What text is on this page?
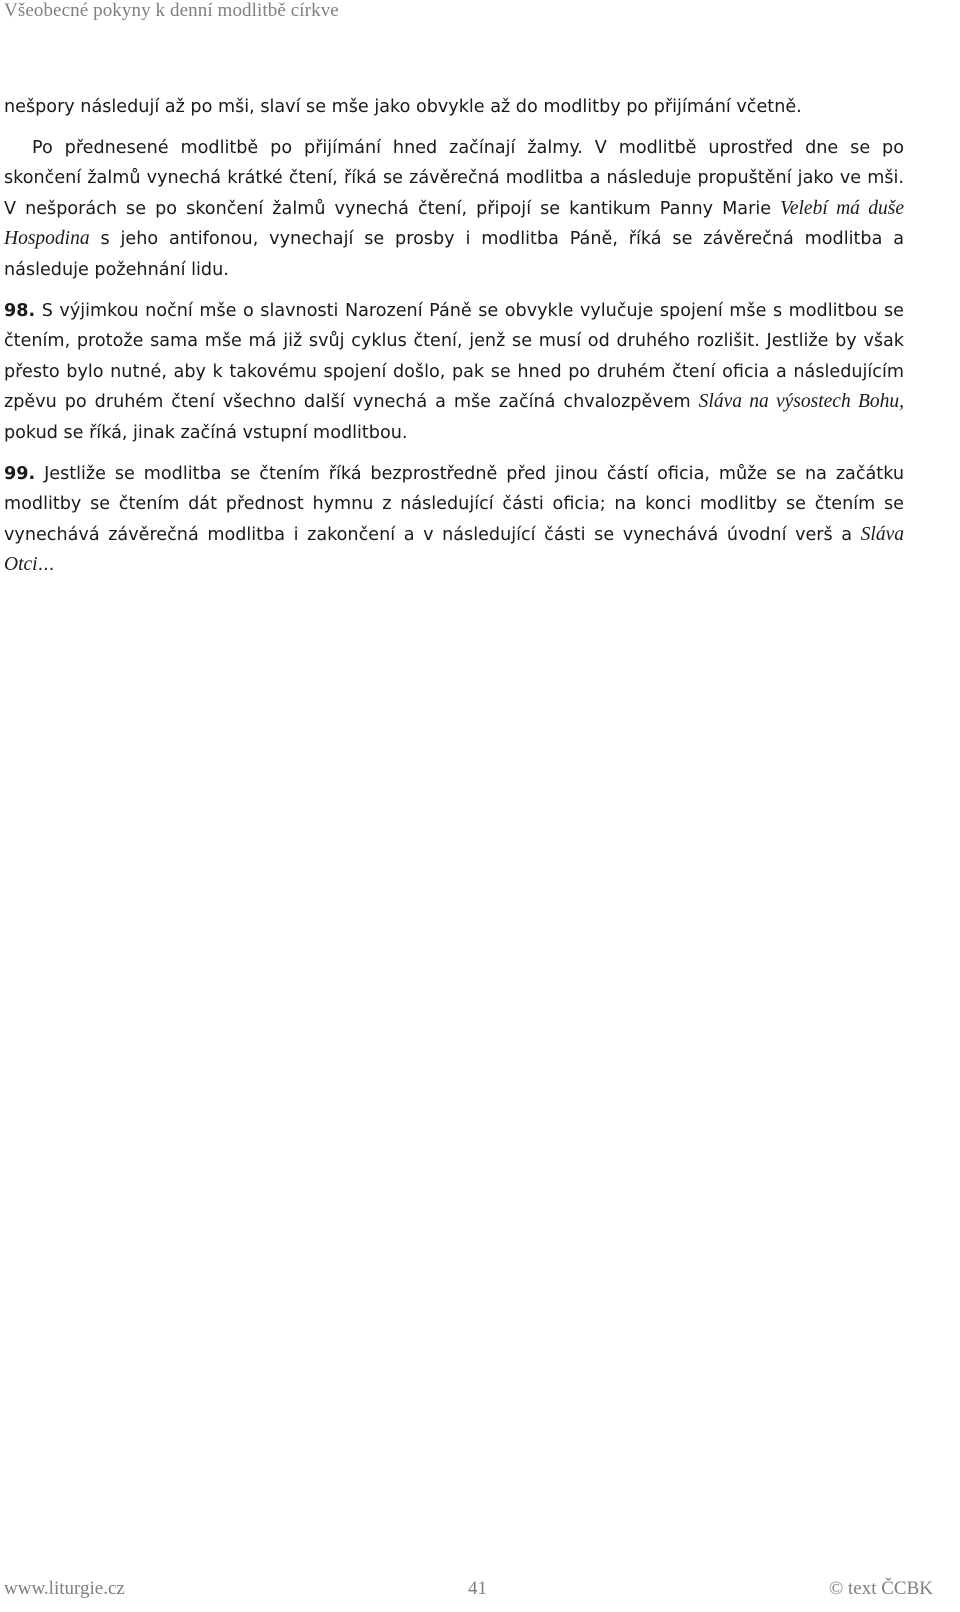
Všeobecné pokyny k denní modlitbě církve

nešpory následují až po mši, slaví se mše jako obvykle až do modlitby po přijímání včetně.

Po přednesené modlitbě po přijímání hned začínají žalmy. V modlitbě uprostřed dne se po skončení žalmů vynechá krátké čtení, říká se závěrečná modlitba a následuje propuštění jako ve mši. V nešporách se po skončení žalmů vynechá čtení, připojí se kantikum Panny Marie Velebí má duše Hospodina s jeho antifonou, vynechají se prosby i modlitba Páně, říká se závěrečná modlitba a následuje požehnání lidu.

98. S výjimkou noční mše o slavnosti Narození Páně se obvykle vylučuje spojení mše s modlitbou se čtením, protože sama mše má již svůj cyklus čtení, jenž se musí od druhého rozlišit. Jestliže by však přesto bylo nutné, aby k takovému spojení došlo, pak se hned po druhém čtení oficia a následujícím zpěvu po druhém čtení všechno další vynechá a mše začíná chvalozpěvem Sláva na výsostech Bohu, pokud se říká, jinak začíná vstupní modlitbou.

99. Jestliže se modlitba se čtením říká bezprostředně před jinou částí oficia, může se na začátku modlitby se čtením dát přednost hymnu z následující části oficia; na konci modlitby se čtením se vynechává závěrečná modlitba i zakončení a v následující části se vynechává úvodní verš a Sláva Otci...

www.liturgie.cz	41	© text ČCBK
